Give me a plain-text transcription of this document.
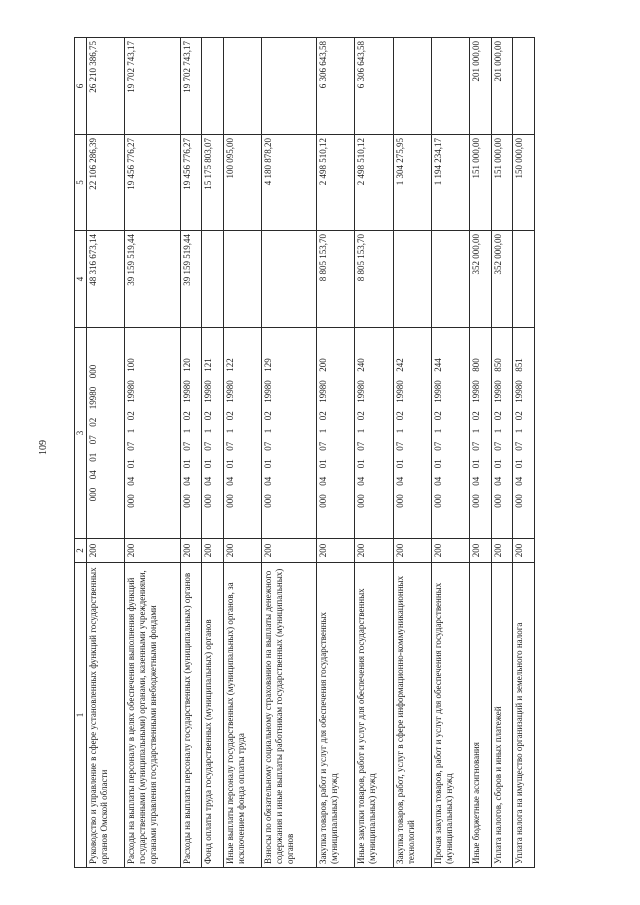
109
1	2	3	4	5	6
Руководство и управление в сфере установленных функций государственных органов Омской области	200	000  04  01  07  02  19980  000	48 316 673,14	22 106 286,39	26 210 386,75
Расходы на выплаты персоналу в целях обеспечения выполнения функций государственными (муниципальными) органами, казенными учреждениями, органами управления государственными внебюджетными фондами	200	000  04  01  07  1  02  19980  100	39 159 519,44	19 456 776,27	19 702 743,17
Расходы на выплаты персоналу государственных (муниципальных) органов	200	000  04  01  07  1  02  19980  120	39 159 519,44	19 456 776,27	19 702 743,17
Фонд оплаты труда государственных (муниципальных) органов	200	000  04  01  07  1  02  19980  121		15 175 803,07	
Иные выплаты персоналу государственных (муниципальных) органов, за исключением фонда оплаты труда	200	000  04  01  07  1  02  19980  122		100 095,00	
Взносы по обязательному социальному страхованию на выплаты денежного содержания и иные выплаты работникам государственных (муниципальных) органов	200	000  04  01  07  1  02  19980  129		4 180 878,20	
Закупка товаров, работ и услуг для обеспечения государственных (муниципальных) нужд	200	000  04  01  07  1  02  19980  200	8 805 153,70	2 498 510,12	6 306 643,58
Иные закупки товаров, работ и услуг для обеспечения государственных (муниципальных) нужд	200	000  04  01  07  1  02  19980  240	8 805 153,70	2 498 510,12	6 306 643,58
Закупка товаров, работ, услуг в сфере информационно-коммуникационных технологий	200	000  04  01  07  1  02  19980  242		1 304 275,95	
Прочая закупка товаров, работ и услуг для обеспечения государственных (муниципальных) нужд	200	000  04  01  07  1  02  19980  244		1 194 234,17	
Иные бюджетные ассигнования	200	000  04  01  07  1  02  19980  800	352 000,00	151 000,00	201 000,00
Уплата налогов, сборов и иных платежей	200	000  04  01  07  1  02  19980  850	352 000,00	151 000,00	201 000,00
Уплата налога на имущество организаций и земельного налога	200	000  04  01  07  1  02  19980  851		150 000,00	
